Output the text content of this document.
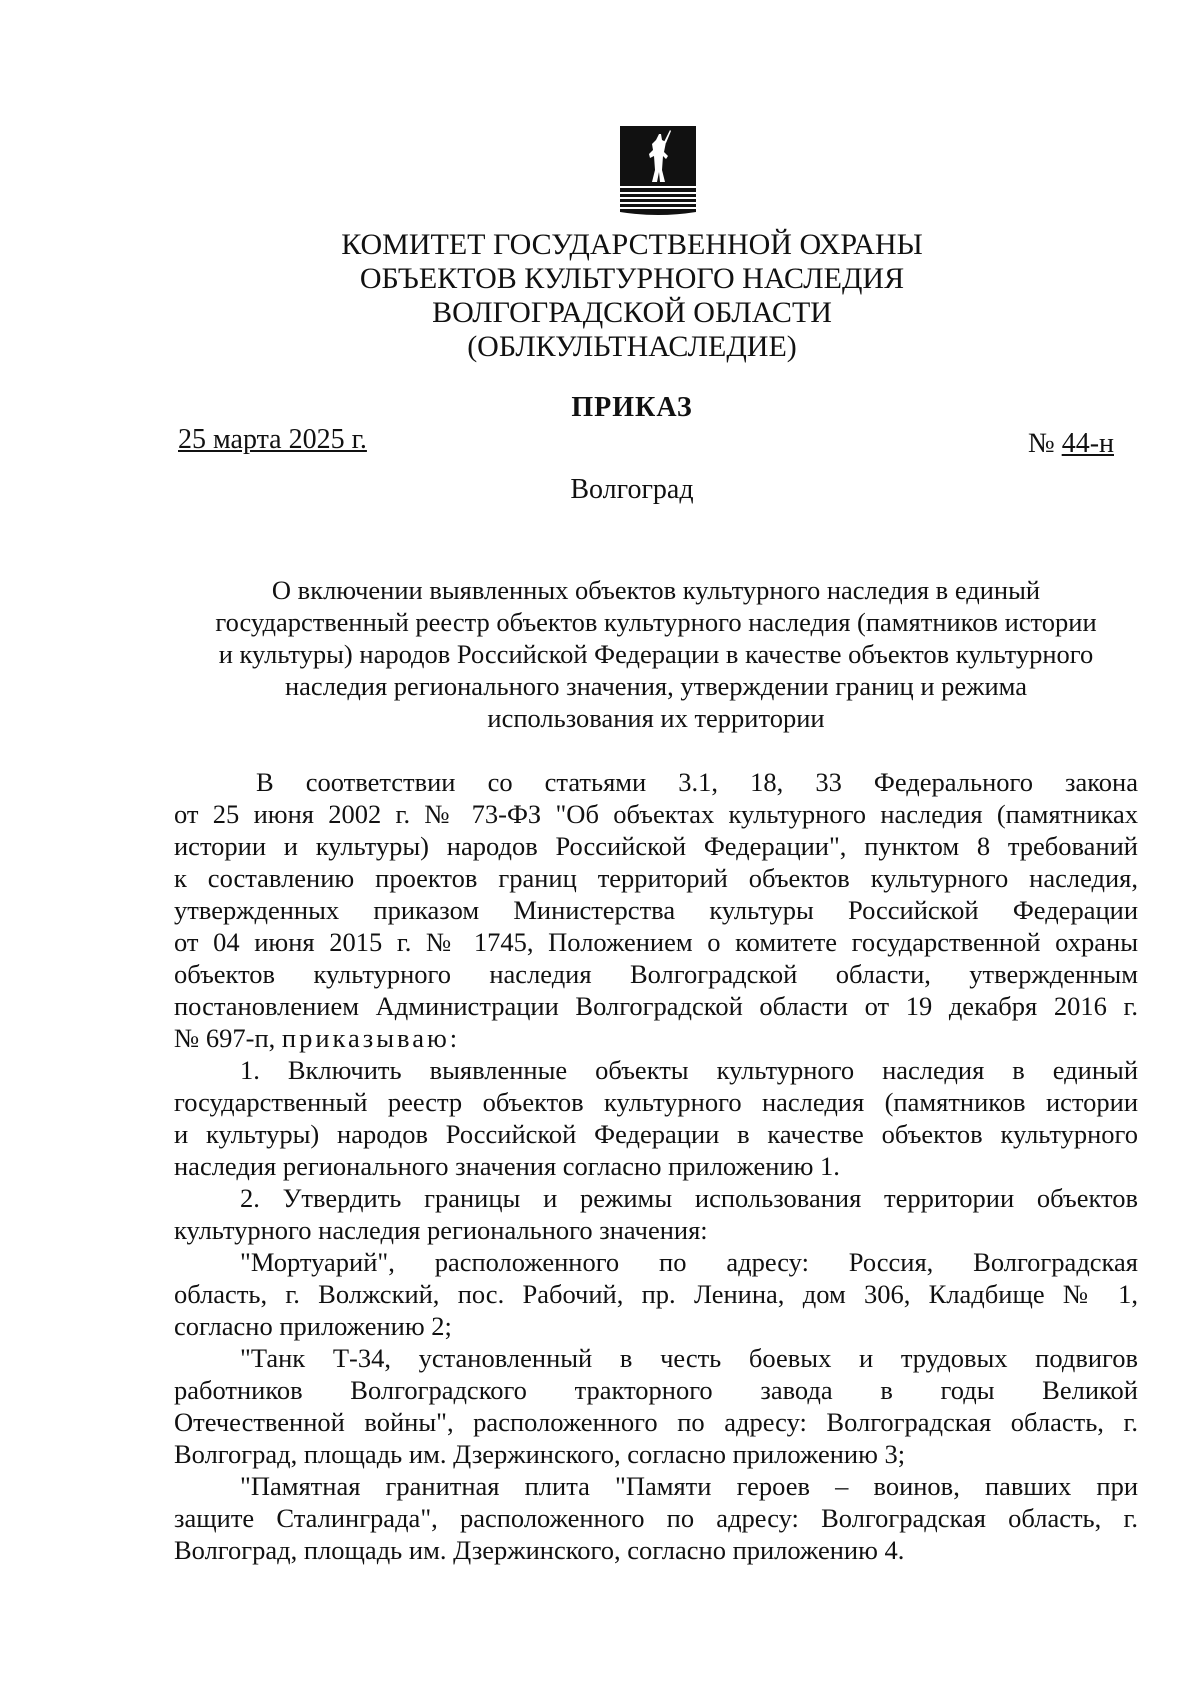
КОМИТЕТ ГОСУДАРСТВЕННОЙ ОХРАНЫ
ОБЪЕКТОВ КУЛЬТУРНОГО НАСЛЕДИЯ
ВОЛГОГРАДСКОЙ ОБЛАСТИ
(ОБЛКУЛЬТНАСЛЕДИЕ)
ПРИКАЗ
25 марта 2025 г.	№ 44-н
Волгоград
О включении выявленных объектов культурного наследия в единый
государственный реестр объектов культурного наследия (памятников истории
и культуры) народов Российской Федерации в качестве объектов культурного
наследия регионального значения, утверждении границ и режима
использования их территории
В соответствии со статьями 3.1, 18, 33 Федерального закона
от 25 июня 2002 г. № 73-ФЗ "Об объектах культурного наследия (памятниках
истории и культуры) народов Российской Федерации", пунктом 8 требований
к составлению проектов границ территорий объектов культурного наследия,
утвержденных приказом Министерства культуры Российской Федерации
от 04 июня 2015 г. № 1745, Положением о комитете государственной охраны
объектов культурного наследия Волгоградской области, утвержденным
постановлением Администрации Волгоградской области от 19 декабря 2016 г.
№ 697-п, приказываю:
1. Включить выявленные объекты культурного наследия в единый
государственный реестр объектов культурного наследия (памятников истории
и культуры) народов Российской Федерации в качестве объектов культурного
наследия регионального значения согласно приложению 1.
2. Утвердить границы и режимы использования территории объектов
культурного наследия регионального значения:
"Мортуарий", расположенного по адресу: Россия, Волгоградская
область, г. Волжский, пос. Рабочий, пр. Ленина, дом 306, Кладбище № 1,
согласно приложению 2;
"Танк Т-34, установленный в честь боевых и трудовых подвигов
работников Волгоградского тракторного завода в годы Великой
Отечественной войны", расположенного по адресу: Волгоградская область, г.
Волгоград, площадь им. Дзержинского, согласно приложению 3;
"Памятная гранитная плита "Памяти героев – воинов, павших при
защите Сталинграда", расположенного по адресу: Волгоградская область, г.
Волгоград, площадь им. Дзержинского, согласно приложению 4.
